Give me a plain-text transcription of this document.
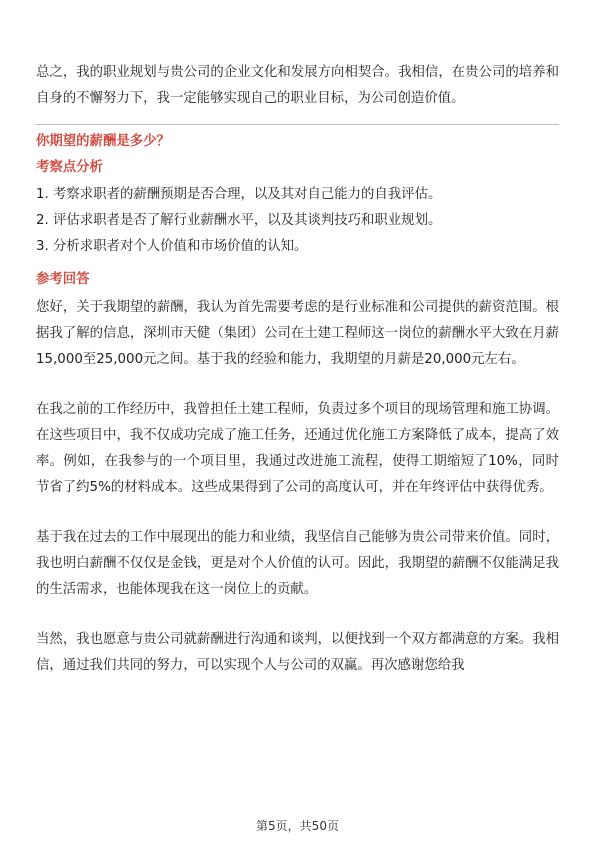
总之，我的职业规划与贵公司的企业文化和发展方向相契合。我相信，在贵公司的培养和自身的不懈努力下，我一定能够实现自己的职业目标，为公司创造价值。

你期望的薪酬是多少？

考察点分析

1. 考察求职者的薪酬预期是否合理，以及其对自己能力的自我评估。
2. 评估求职者是否了解行业薪酬水平，以及其谈判技巧和职业规划。
3. 分析求职者对个人价值和市场价值的认知。

参考回答

您好，关于我期望的薪酬，我认为首先需要考虑的是行业标准和公司提供的薪资范围。根据我了解的信息，深圳市天健（集团）公司在土建工程师这一岗位的薪酬水平大致在月薪15,000至25,000元之间。基于我的经验和能力，我期望的月薪是20,000元左右。

在我之前的工作经历中，我曾担任土建工程师，负责过多个项目的现场管理和施工协调。在这些项目中，我不仅成功完成了施工任务，还通过优化施工方案降低了成本，提高了效率。例如，在我参与的一个项目里，我通过改进施工流程，使得工期缩短了10%，同时节省了约5%的材料成本。这些成果得到了公司的高度认可，并在年终评估中获得优秀。

基于我在过去的工作中展现出的能力和业绩，我坚信自己能够为贵公司带来价值。同时，我也明白薪酬不仅仅是金钱，更是对个人价值的认可。因此，我期望的薪酬不仅能满足我的生活需求，也能体现我在这一岗位上的贡献。

当然，我也愿意与贵公司就薪酬进行沟通和谈判，以便找到一个双方都满意的方案。我相信，通过我们共同的努力，可以实现个人与公司的双赢。再次感谢您给我

第5页，共50页
